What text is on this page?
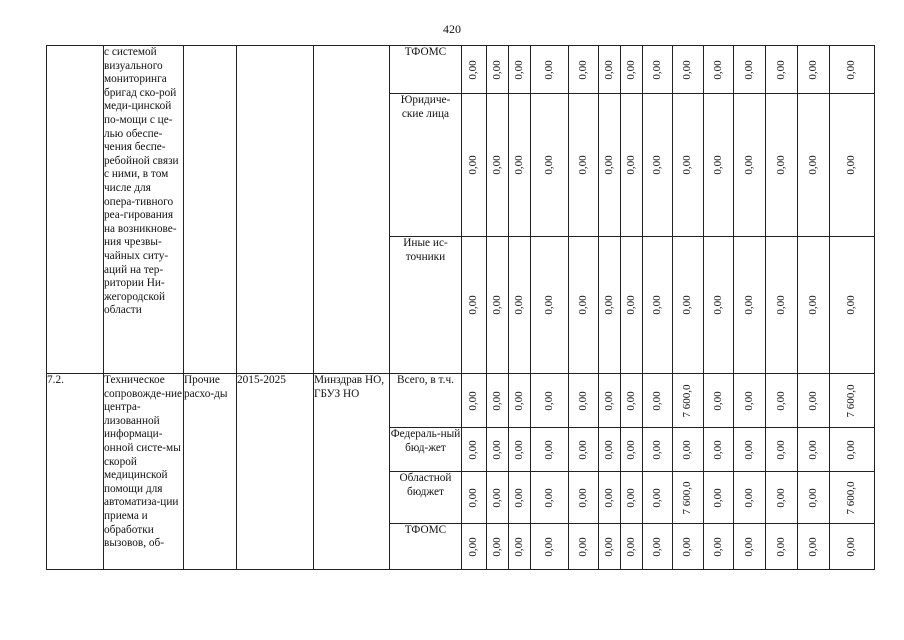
420
	с системой визуального мониторинга бригад ско-рой меди-цинской по-мощи с це-лью обеспе-чения беспе-ребойной связи с ними, в том числе для опера-тивного реа-гирования на возникнове-ния чрезвы-чайных ситу-аций на тер-ритории Ни-жегородской области				ТФОМС	0,00	0,00	0,00	0,00	0,00	0,00	0,00	0,00	0,00	0,00	0,00	0,00	0,00	0,00

					Юридиче-ские лица	0,00	0,00	0,00	0,00	0,00	0,00	0,00	0,00	0,00	0,00	0,00	0,00	0,00	0,00

					Иные ис-точники	0,00	0,00	0,00	0,00	0,00	0,00	0,00	0,00	0,00	0,00	0,00	0,00	0,00	0,00

7.2.	Техническое сопровожде-ние центра-лизованной информаци-онной систе-мы скорой медицинской помощи для автоматиза-ции приема и обработки вызовов, об-	Прочие расхо-ды	2015-2025	Минздрав НО, ГБУЗ НО	Всего, в т.ч.	0,00	0,00	0,00	0,00	0,00	0,00	0,00	0,00	7 600,0	0,00	0,00	0,00	0,00	7 600,0

					Федераль-ный бюд-жет	0,00	0,00	0,00	0,00	0,00	0,00	0,00	0,00	0,00	0,00	0,00	0,00	0,00	0,00

					Областной бюджет	0,00	0,00	0,00	0,00	0,00	0,00	0,00	0,00	7 600,0	0,00	0,00	0,00	0,00	7 600,0

					ТФОМС	0,00	0,00	0,00	0,00	0,00	0,00	0,00	0,00	0,00	0,00	0,00	0,00	0,00	0,00
